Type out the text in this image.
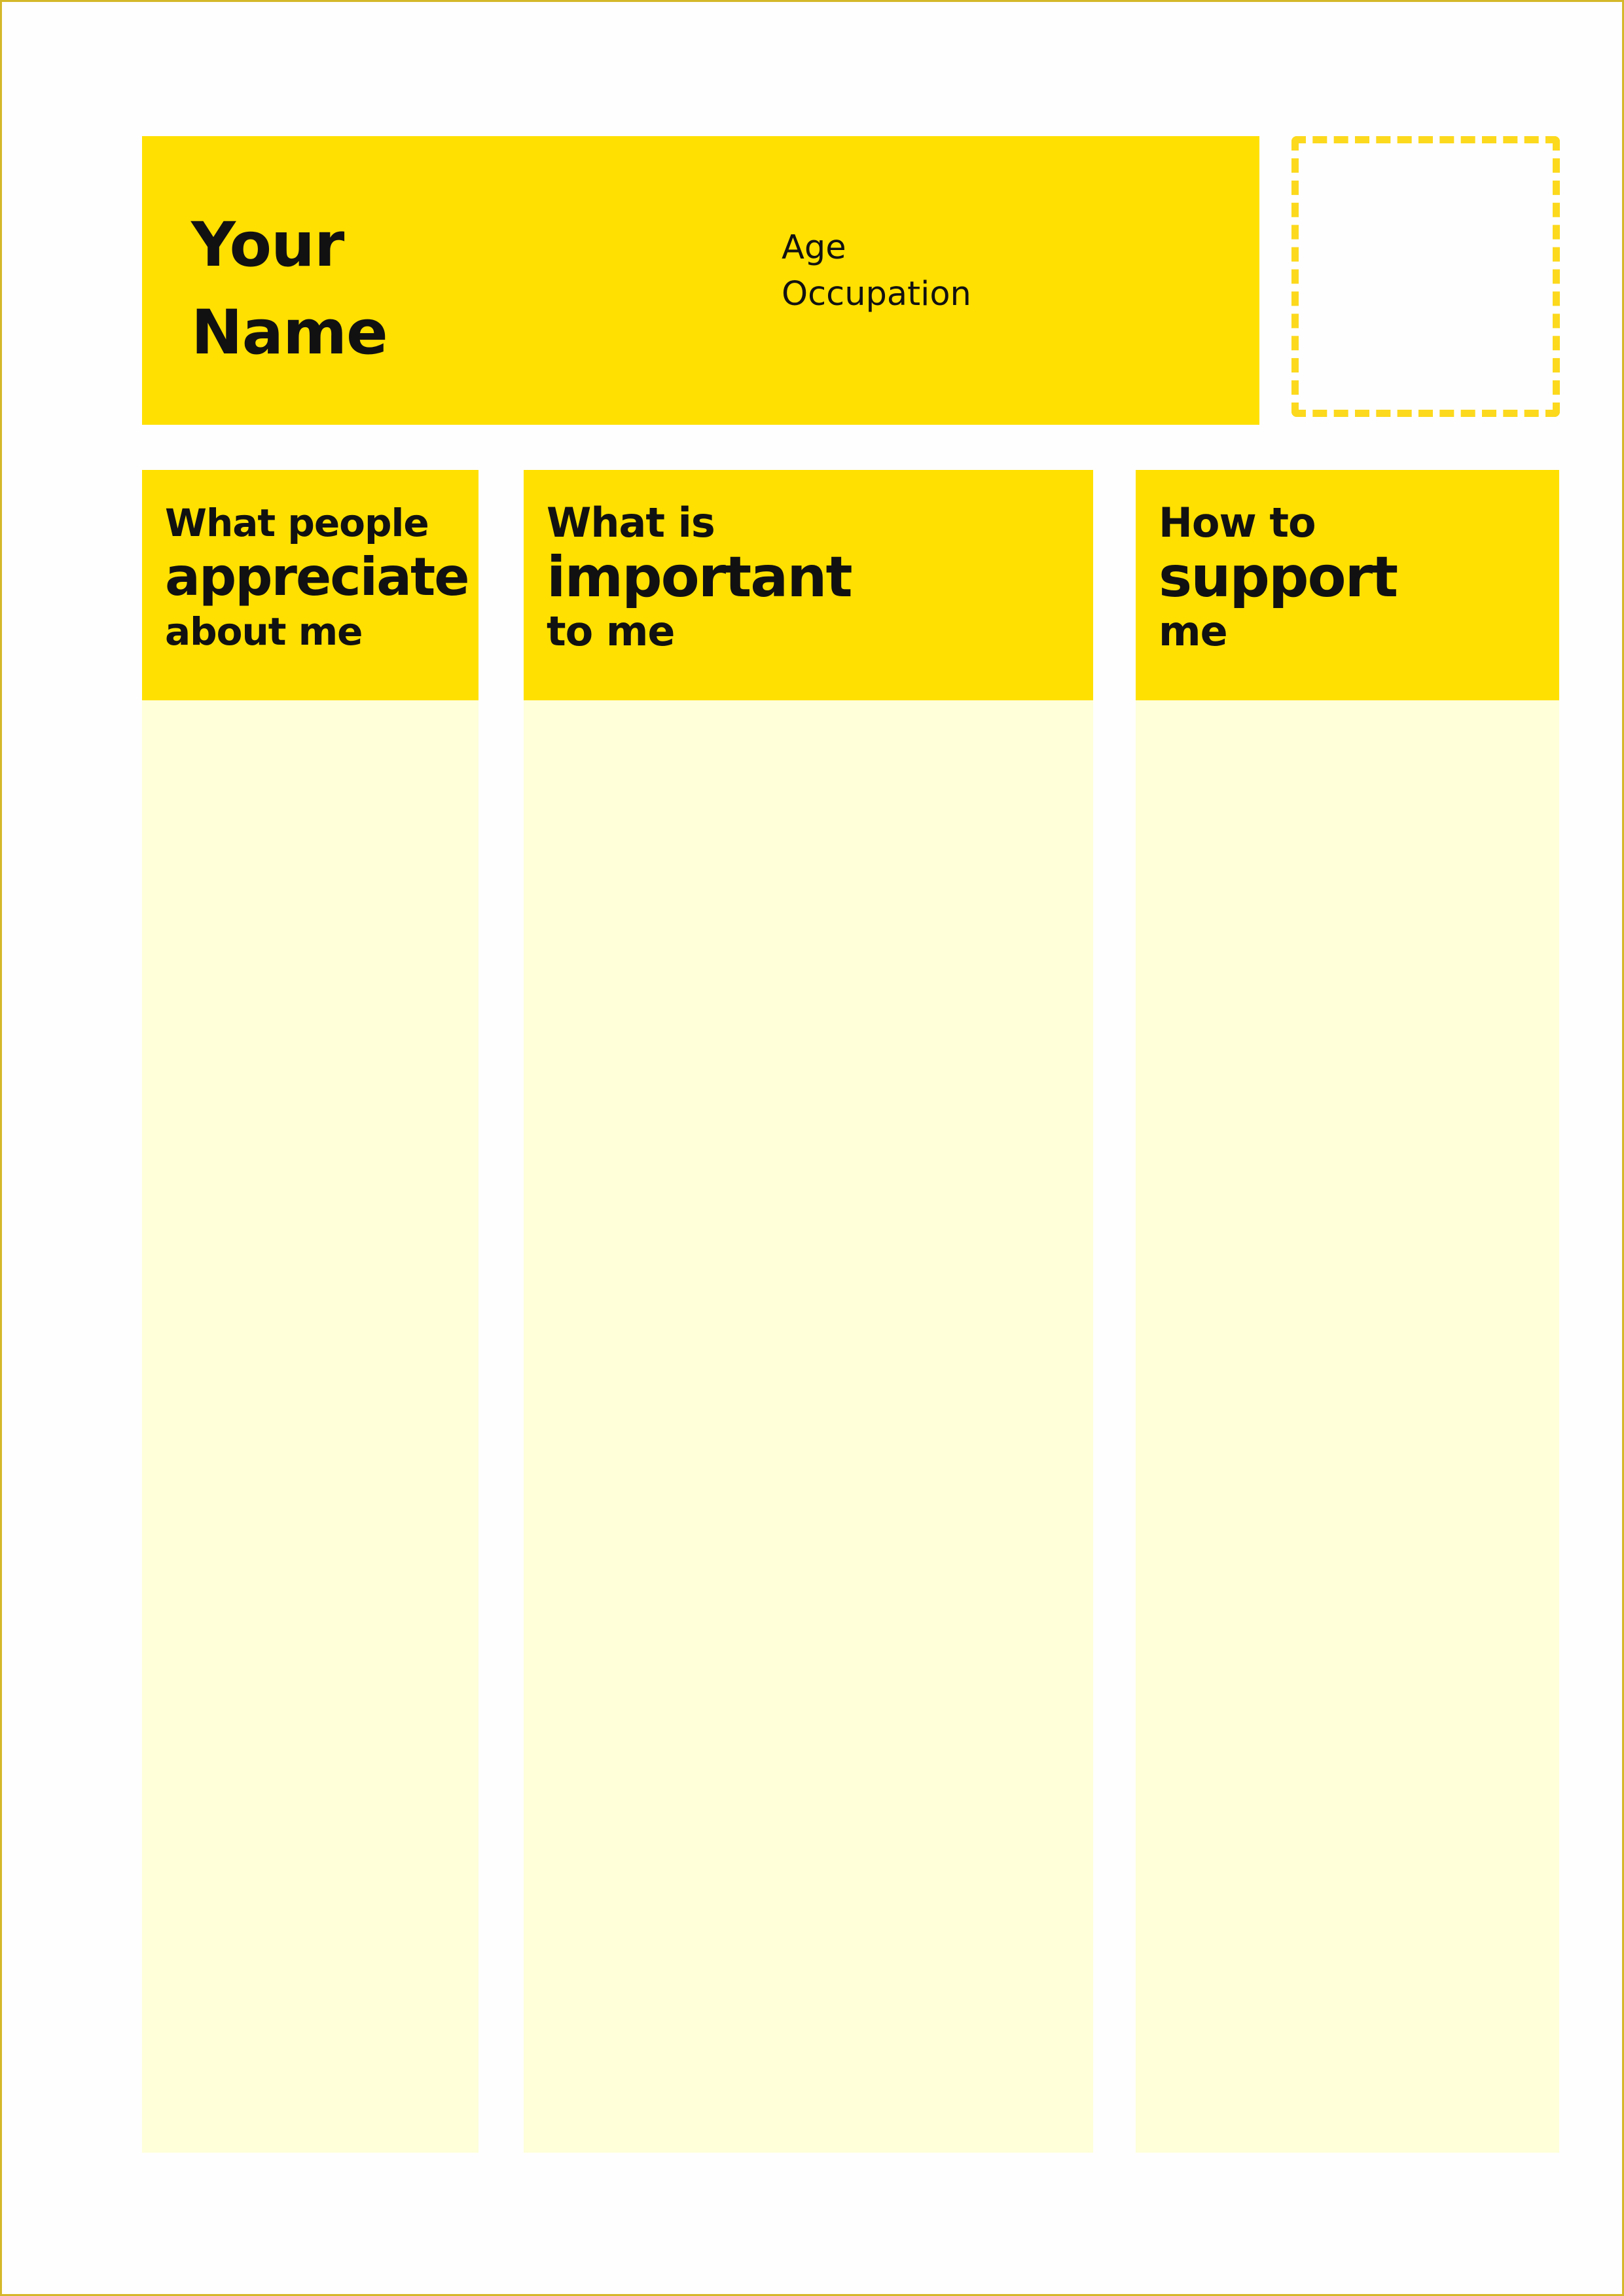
Your
Name
Age
Occupation
What people
appreciate
about me
What is
important
to me
How to
support
me
